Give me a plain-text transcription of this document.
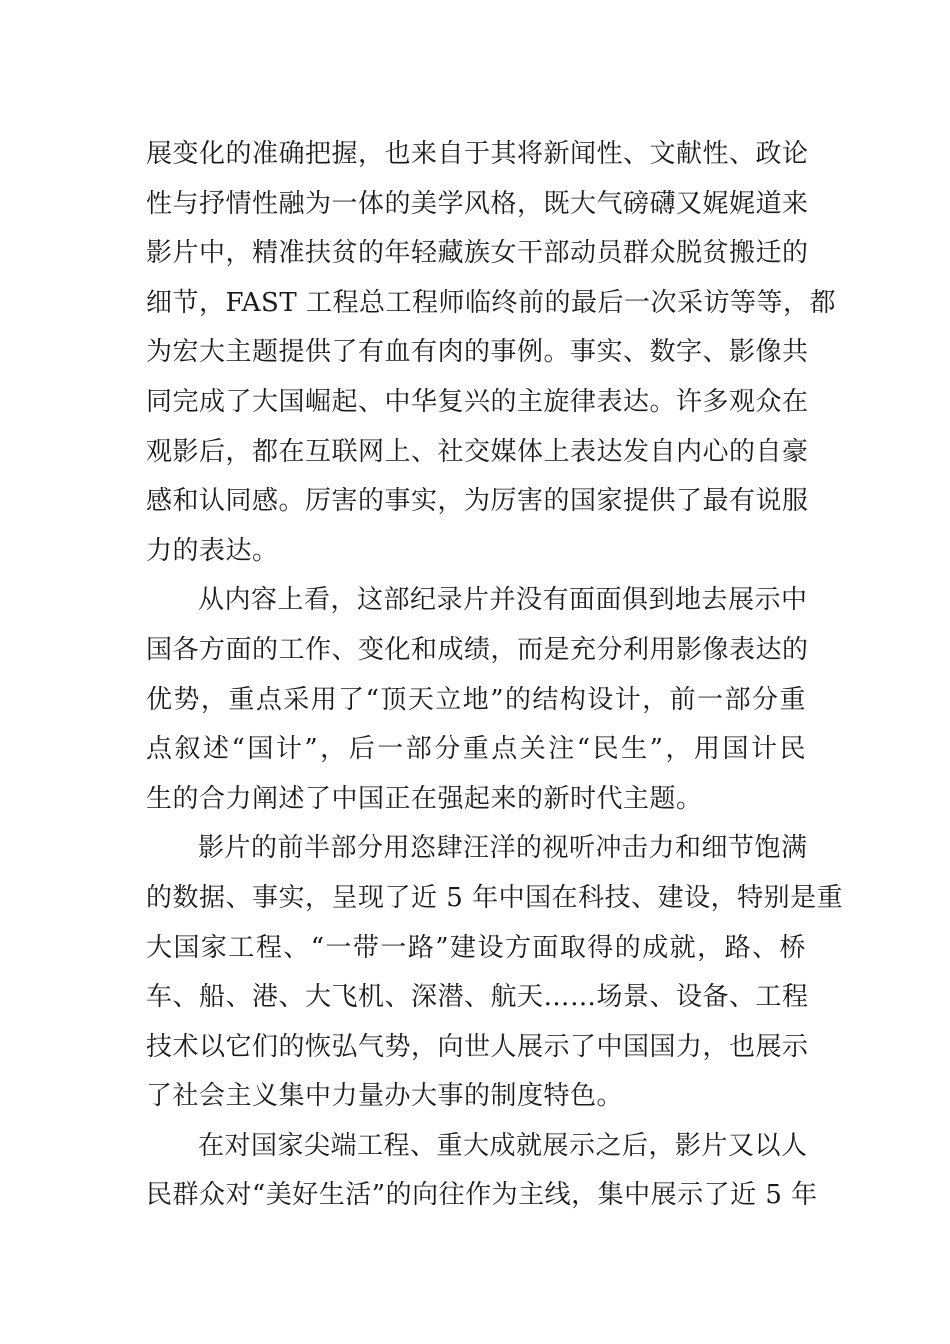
展变化的准确把握，也来自于其将新闻性、文献性、政论
性与抒情性融为一体的美学风格，既大气磅礴又娓娓道来
影片中，精准扶贫的年轻藏族女干部动员群众脱贫搬迁的
细节，FAST 工程总工程师临终前的最后一次采访等等，都
为宏大主题提供了有血有肉的事例。事实、数字、影像共
同完成了大国崛起、中华复兴的主旋律表达。许多观众在
观影后，都在互联网上、社交媒体上表达发自内心的自豪
感和认同感。厉害的事实，为厉害的国家提供了最有说服
力的表达。
从内容上看，这部纪录片并没有面面俱到地去展示中
国各方面的工作、变化和成绩，而是充分利用影像表达的
优势，重点采用了“顶天立地”的结构设计，前一部分重
点叙述“国计”，后一部分重点关注“民生”，用国计民
生的合力阐述了中国正在强起来的新时代主题。
影片的前半部分用恣肆汪洋的视听冲击力和细节饱满
的数据、事实，呈现了近 5 年中国在科技、建设，特别是重
大国家工程、“一带一路”建设方面取得的成就，路、桥
车、船、港、大飞机、深潜、航天……场景、设备、工程
技术以它们的恢弘气势，向世人展示了中国国力，也展示
了社会主义集中力量办大事的制度特色。
在对国家尖端工程、重大成就展示之后，影片又以人
民群众对“美好生活”的向往作为主线，集中展示了近 5 年
